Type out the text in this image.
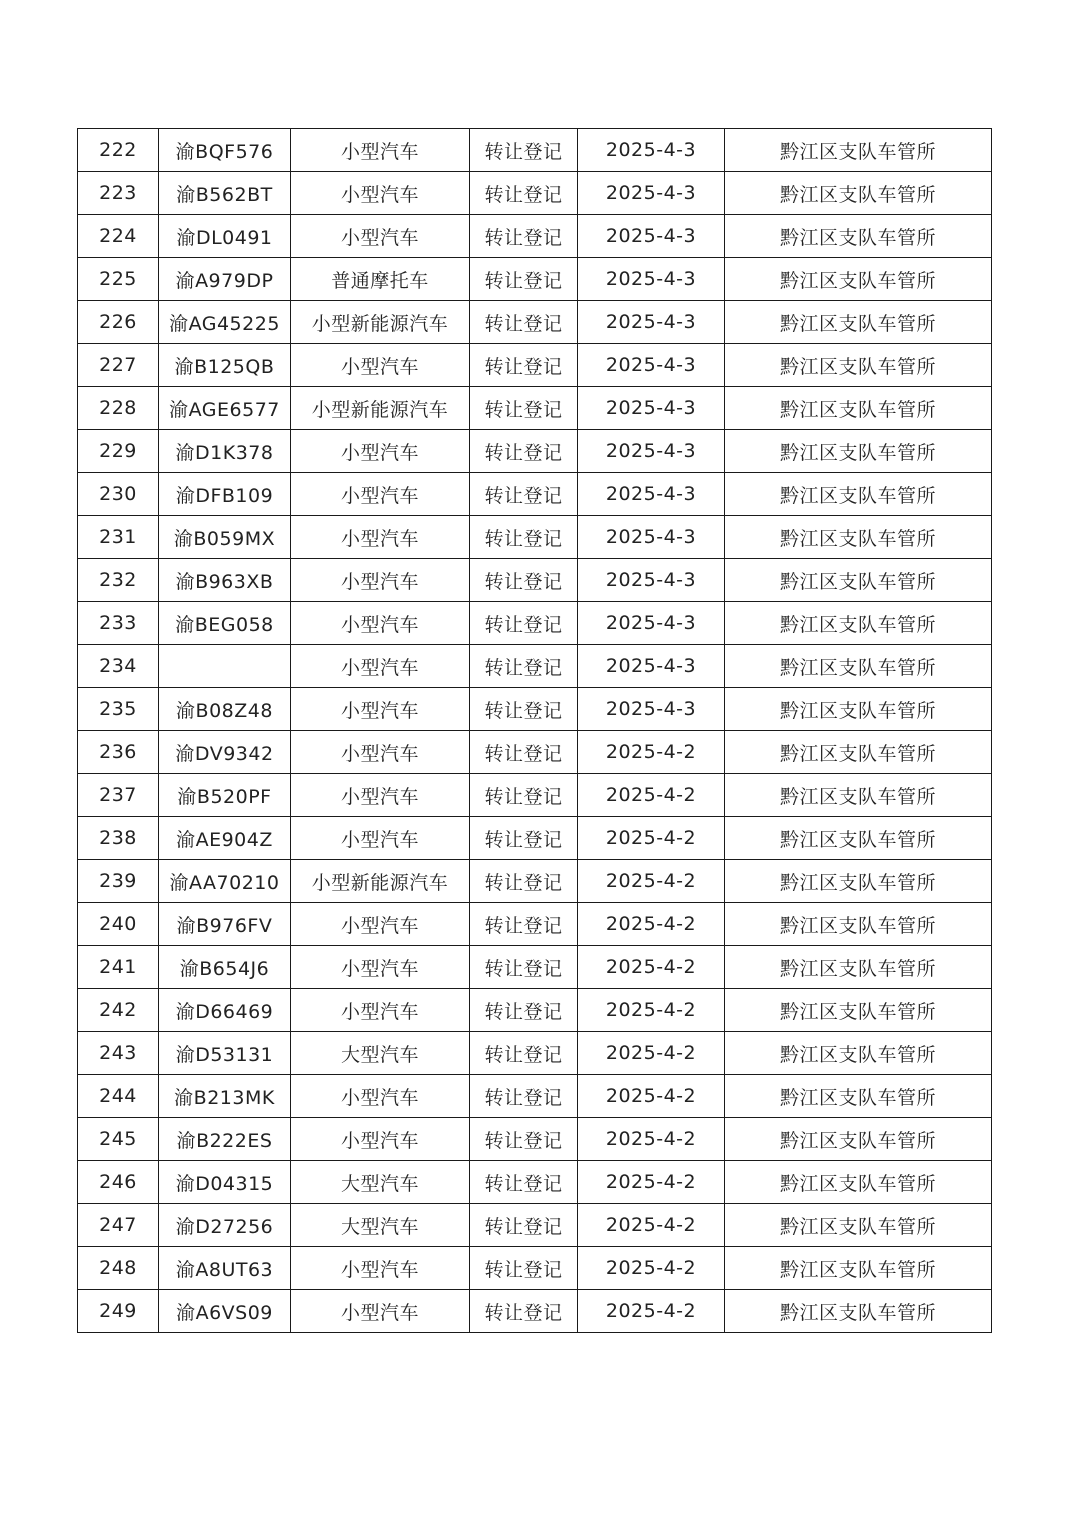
222	渝BQF576	小型汽车	转让登记	2025-4-3	黔江区支队车管所
223	渝B562BT	小型汽车	转让登记	2025-4-3	黔江区支队车管所
224	渝DL0491	小型汽车	转让登记	2025-4-3	黔江区支队车管所
225	渝A979DP	普通摩托车	转让登记	2025-4-3	黔江区支队车管所
226	渝AG45225	小型新能源汽车	转让登记	2025-4-3	黔江区支队车管所
227	渝B125QB	小型汽车	转让登记	2025-4-3	黔江区支队车管所
228	渝AGE6577	小型新能源汽车	转让登记	2025-4-3	黔江区支队车管所
229	渝D1K378	小型汽车	转让登记	2025-4-3	黔江区支队车管所
230	渝DFB109	小型汽车	转让登记	2025-4-3	黔江区支队车管所
231	渝B059MX	小型汽车	转让登记	2025-4-3	黔江区支队车管所
232	渝B963XB	小型汽车	转让登记	2025-4-3	黔江区支队车管所
233	渝BEG058	小型汽车	转让登记	2025-4-3	黔江区支队车管所
234		小型汽车	转让登记	2025-4-3	黔江区支队车管所
235	渝B08Z48	小型汽车	转让登记	2025-4-3	黔江区支队车管所
236	渝DV9342	小型汽车	转让登记	2025-4-2	黔江区支队车管所
237	渝B520PF	小型汽车	转让登记	2025-4-2	黔江区支队车管所
238	渝AE904Z	小型汽车	转让登记	2025-4-2	黔江区支队车管所
239	渝AA70210	小型新能源汽车	转让登记	2025-4-2	黔江区支队车管所
240	渝B976FV	小型汽车	转让登记	2025-4-2	黔江区支队车管所
241	渝B654J6	小型汽车	转让登记	2025-4-2	黔江区支队车管所
242	渝D66469	小型汽车	转让登记	2025-4-2	黔江区支队车管所
243	渝D53131	大型汽车	转让登记	2025-4-2	黔江区支队车管所
244	渝B213MK	小型汽车	转让登记	2025-4-2	黔江区支队车管所
245	渝B222ES	小型汽车	转让登记	2025-4-2	黔江区支队车管所
246	渝D04315	大型汽车	转让登记	2025-4-2	黔江区支队车管所
247	渝D27256	大型汽车	转让登记	2025-4-2	黔江区支队车管所
248	渝A8UT63	小型汽车	转让登记	2025-4-2	黔江区支队车管所
249	渝A6VS09	小型汽车	转让登记	2025-4-2	黔江区支队车管所
